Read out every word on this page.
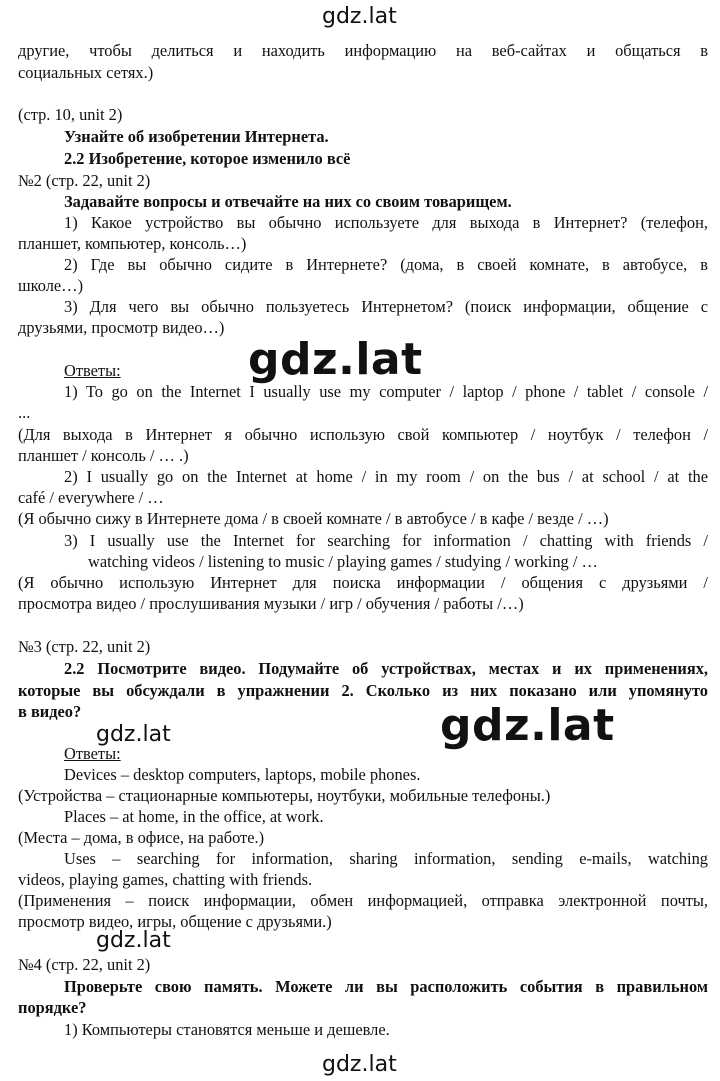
gdz.lat
другие, чтобы делиться и находить информацию на веб-сайтах и общаться в
социальных сетях.)
(стр. 10, unit 2)
Узнайте об изобретении Интернета.
2.2 Изобретение, которое изменило всё
№2 (стр. 22, unit 2)
Задавайте вопросы и отвечайте на них со своим товарищем.
1) Какое устройство вы обычно используете для выхода в Интернет? (телефон,
планшет, компьютер, консоль…)
2) Где вы обычно сидите в Интернете? (дома, в своей комнате, в автобусе, в
школе…)
3) Для чего вы обычно пользуетесь Интернетом? (поиск информации, общение с
друзьями, просмотр видео…)
Ответы:
1) To go on the Internet I usually use my computer / laptop / phone / tablet / console /
...
(Для выхода в Интернет я обычно использую свой компьютер / ноутбук / телефон /
планшет / консоль / … .)
2) I usually go on the Internet at home / in my room / on the bus / at school / at the
café / everywhere / …
(Я обычно сижу в Интернете дома / в своей комнате / в автобусе / в кафе / везде / …)
3) I usually use the Internet for searching for information / chatting with friends /
watching videos / listening to music / playing games / studying / working / …
(Я обычно использую Интернет для поиска информации / общения с друзьями /
просмотра видео / прослушивания музыки / игр / обучения / работы /…)
№3 (стр. 22, unit 2)
2.2 Посмотрите видео. Подумайте об устройствах, местах и их применениях,
которые вы обсуждали в упражнении 2. Сколько из них показано или упомянуто
в видео?
Ответы:
Devices – desktop computers, laptops, mobile phones.
(Устройства – стационарные компьютеры, ноутбуки, мобильные телефоны.)
Places – at home, in the office, at work.
(Места – дома, в офисе, на работе.)
Uses – searching for information, sharing information, sending e-mails, watching
videos, playing games, chatting with friends.
(Применения – поиск информации, обмен информацией, отправка электронной почты,
просмотр видео, игры, общение с друзьями.)
№4 (стр. 22, unit 2)
Проверьте свою память. Можете ли вы расположить события в правильном
порядке?
1) Компьютеры становятся меньше и дешевле.
gdz.lat
gdz.lat
gdz.lat
gdz.lat
gdz.lat
